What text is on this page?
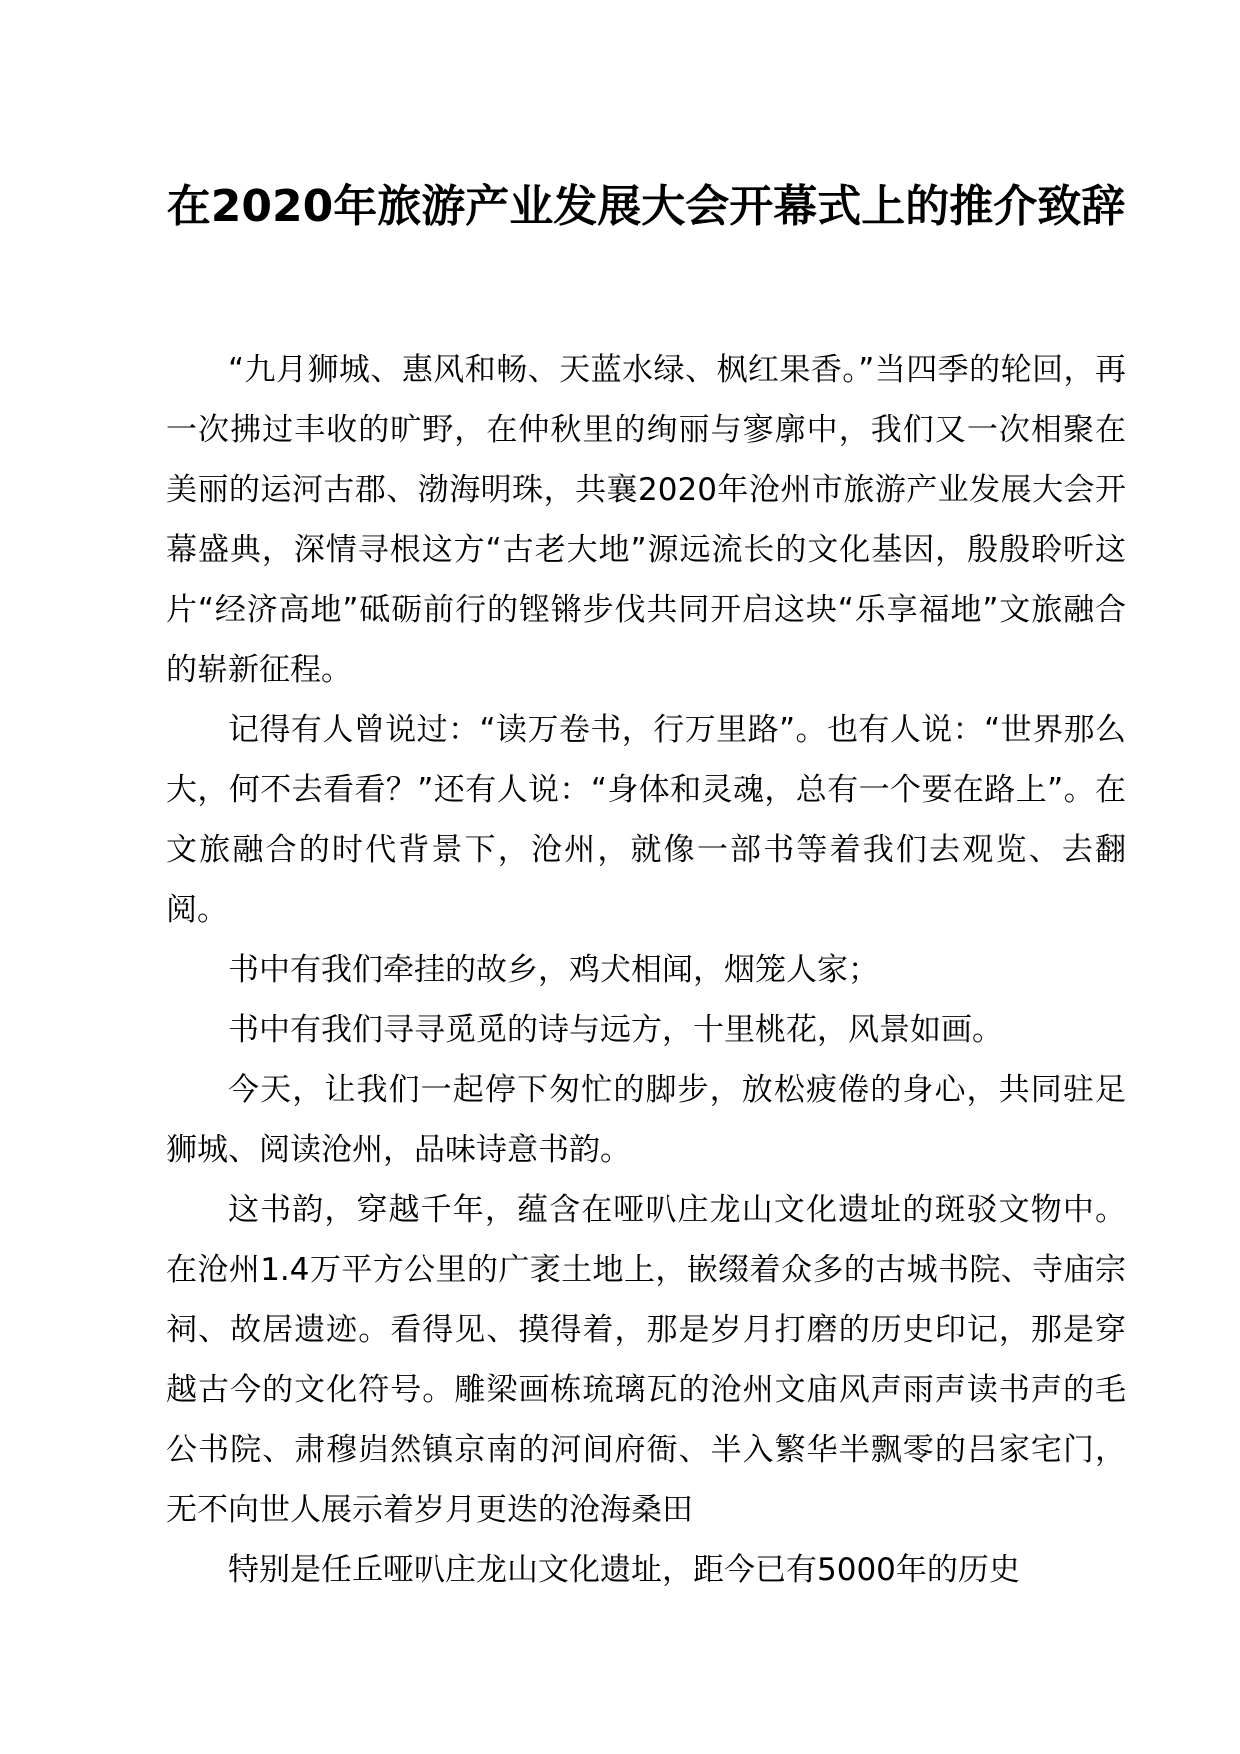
在2020年旅游产业发展大会开幕式上的推介致辞

“九月狮城、惠风和畅、天蓝水绿、枫红果香。”当四季的轮回，再一次拂过丰收的旷野，在仲秋里的绚丽与寥廓中，我们又一次相聚在美丽的运河古郡、渤海明珠，共襄2020年沧州市旅游产业发展大会开幕盛典，深情寻根这方“古老大地”源远流长的文化基因，殷殷聆听这片“经济高地”砥砺前行的铿锵步伐共同开启这块“乐享福地”文旅融合的崭新征程。

记得有人曾说过：“读万卷书，行万里路”。也有人说：“世界那么大，何不去看看？”还有人说：“身体和灵魂，总有一个要在路上”。在文旅融合的时代背景下，沧州，就像一部书等着我们去观览、去翻阅。

书中有我们牵挂的故乡，鸡犬相闻，烟笼人家；

书中有我们寻寻觅觅的诗与远方，十里桃花，风景如画。

今天，让我们一起停下匆忙的脚步，放松疲倦的身心，共同驻足狮城、阅读沧州，品味诗意书韵。

这书韵，穿越千年，蕴含在哑叭庄龙山文化遗址的斑驳文物中。在沧州1.4万平方公里的广袤土地上，嵌缀着众多的古城书院、寺庙宗祠、故居遗迹。看得见、摸得着，那是岁月打磨的历史印记，那是穿越古今的文化符号。雕梁画栋琉璃瓦的沧州文庙风声雨声读书声的毛公书院、肃穆岿然镇京南的河间府衙、半入繁华半飘零的吕家宅门，无不向世人展示着岁月更迭的沧海桑田

特别是任丘哑叭庄龙山文化遗址，距今已有5000年的历史
